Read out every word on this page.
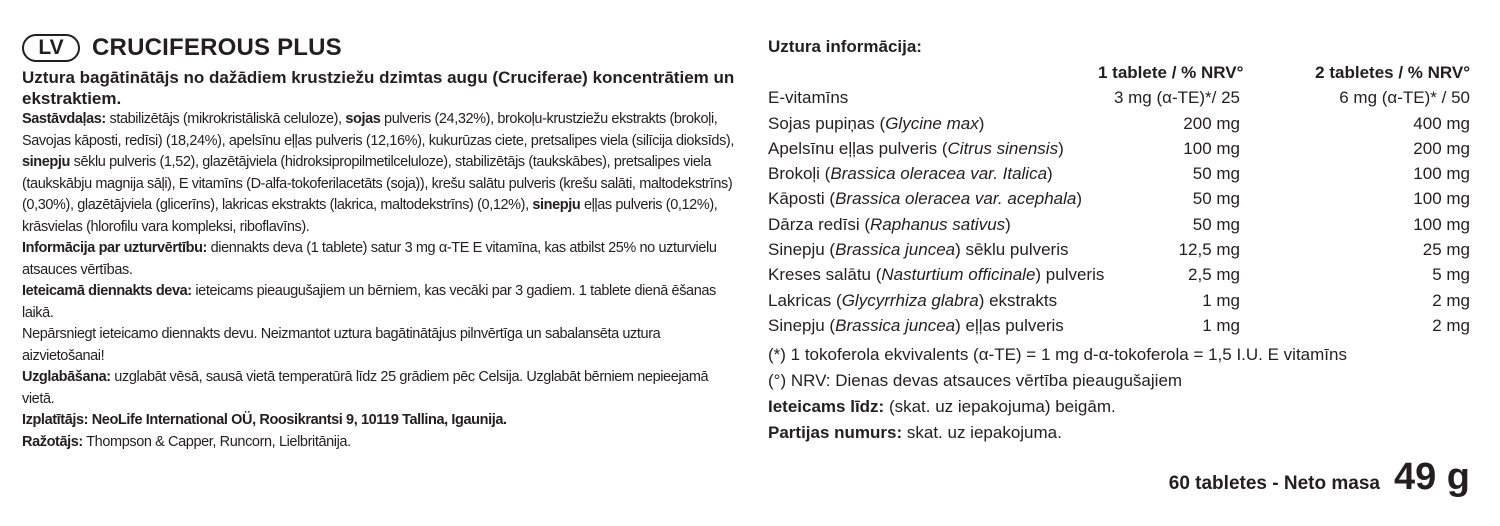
LV	CRUCIFEROUS PLUS
Uztura bagātinātājs no dažādiem krustziežu dzimtas augu (Cruciferae) koncentrātiem un ekstraktiem.

Sastāvdaļas: stabilizētājs (mikrokristāliskā celuloze), sojas pulveris (24,32%), brokoļu-krustziežu ekstrakts (brokoļi, Savojas kāposti, redīsi) (18,24%), apelsīnu eļļas pulveris (12,16%), kukurūzas ciete, pretsalipes viela (silīcija dioksīds), sinepju sēklu pulveris (1,52), glazētājviela (hidroksipropilmetilceluloze), stabilizētājs (taukskābes), pretsalipes viela (taukskābju magnija sāļi), E vitamīns (D-alfa-tokoferilacetāts (soja)), krešu salātu pulveris (krešu salāti, maltodekstrīns) (0,30%), glazētājviela (glicerīns), lakricas ekstrakts (lakrica, maltodekstrīns) (0,12%), sinepju eļļas pulveris (0,12%), krāsvielas (hlorofilu vara kompleksi, riboflavīns).

Informācija par uzturvērtību: diennakts deva (1 tablete) satur 3 mg α-TE E vitamīna, kas atbilst 25% no uzturvielu atsauces vērtības.

Ieteicamā diennakts deva: ieteicams pieaugušajiem un bērniem, kas vecāki par 3 gadiem. 1 tablete dienā ēšanas laikā.

Nepārsniegt ieteicamo diennakts devu. Neizmantot uztura bagātinātājus pilnvērtīga un sabalansēta uztura aizvietošanai!

Uzglabāšana: uzglabāt vēsā, sausā vietā temperatūrā līdz 25 grādiem pēc Celsija. Uzglabāt bērniem nepieejamā vietā.

Izplatītājs: NeoLife International OÜ, Roosikrantsi 9, 10119 Tallina, Igaunija.

Ražotājs: Thompson & Capper, Runcorn, Lielbritānija.

Uztura informācija:
	1 tablete / % NRV°	2 tabletes / % NRV°
E-vitamīns	3 mg (α-TE)*/ 25	6 mg (α-TE)* / 50
Sojas pupiņas (Glycine max)	200 mg	400 mg
Apelsīnu eļļas pulveris (Citrus sinensis)	100 mg	200 mg
Brokoļi (Brassica oleracea var. Italica)	50 mg	100 mg
Kāposti (Brassica oleracea var. acephala)	50 mg	100 mg
Dārza redīsi (Raphanus sativus)	50 mg	100 mg
Sinepju (Brassica juncea) sēklu pulveris	12,5 mg	25 mg
Kreses salātu (Nasturtium officinale) pulveris	2,5 mg	5 mg
Lakricas (Glycyrrhiza glabra) ekstrakts	1 mg	2 mg
Sinepju (Brassica juncea) eļļas pulveris	1 mg	2 mg
(*) 1 tokoferola ekvivalents (α-TE) = 1 mg d-α-tokoferola = 1,5 I.U. E vitamīns
(°) NRV: Dienas devas atsauces vērtība pieaugušajiem
Ieteicams līdz: (skat. uz iepakojuma) beigām.
Partijas numurs: skat. uz iepakojuma.
60 tabletes - Neto masa 49 g
